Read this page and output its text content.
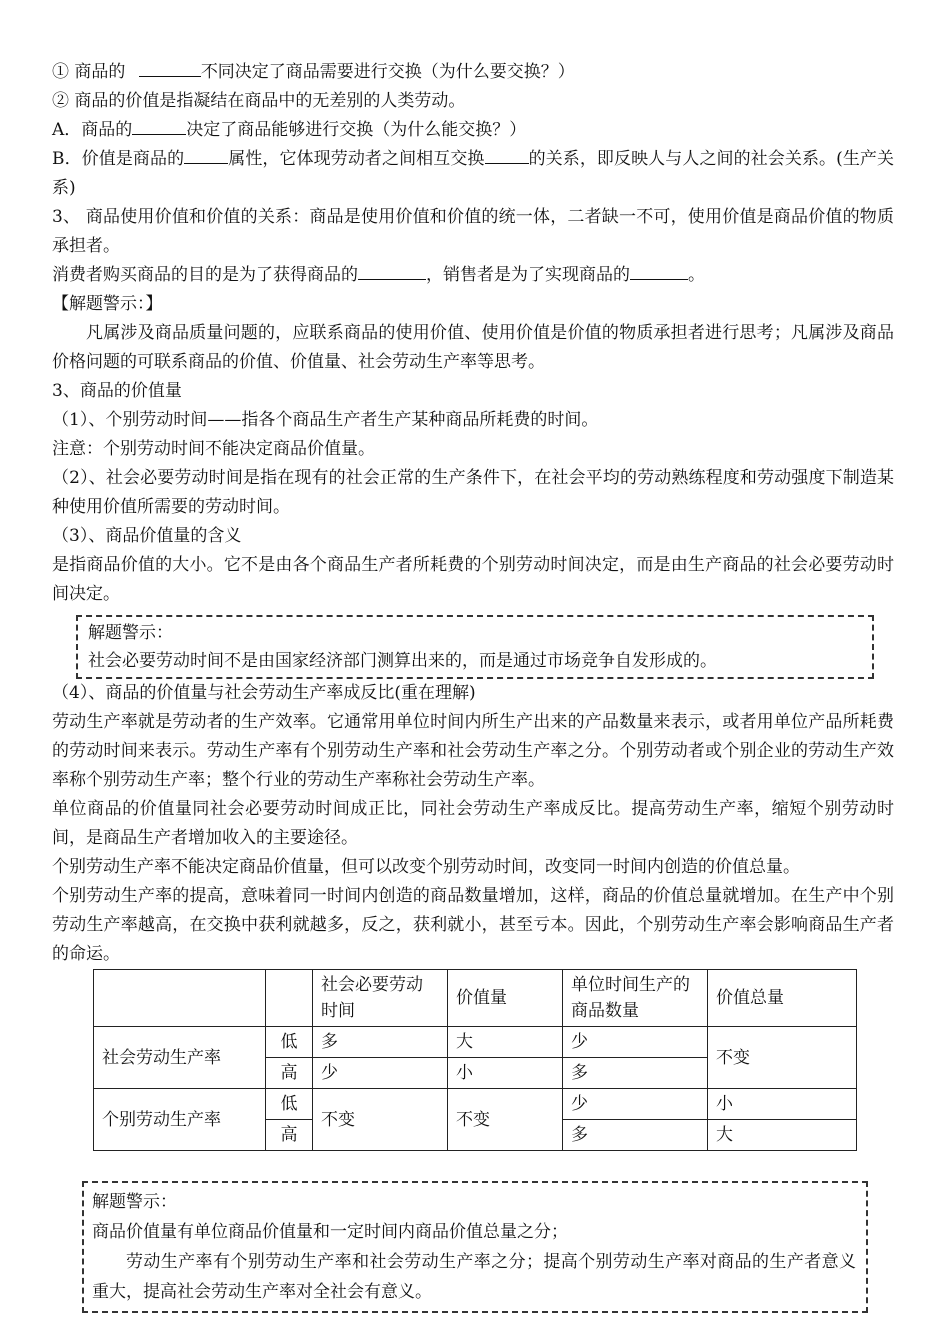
① 商品的	不同决定了商品需要进行交换（为什么要交换？）
② 商品的价值是指凝结在商品中的无差别的人类劳动。
A．商品的	决定了商品能够进行交换（为什么能交换？）
B．价值是商品的	属性，它体现劳动者之间相互交换	的关系，即反映人与人之间的社会关系。(生产关系)
3、 商品使用价值和价值的关系：商品是使用价值和价值的统一体，二者缺一不可，使用价值是商品价值的物质承担者。
消费者购买商品的目的是为了获得商品的	，销售者是为了实现商品的	。
【解题警示：】
凡属涉及商品质量问题的，应联系商品的使用价值、使用价值是价值的物质承担者进行思考；凡属涉及商品价格问题的可联系商品的价值、价值量、社会劳动生产率等思考。
3、商品的价值量
（1）、个别劳动时间——指各个商品生产者生产某种商品所耗费的时间。
注意：个别劳动时间不能决定商品价值量。
（2）、社会必要劳动时间是指在现有的社会正常的生产条件下，在社会平均的劳动熟练程度和劳动强度下制造某种使用价值所需要的劳动时间。
（3）、商品价值量的含义
是指商品价值的大小。它不是由各个商品生产者所耗费的个别劳动时间决定，而是由生产商品的社会必要劳动时间决定。
解题警示：
社会必要劳动时间不是由国家经济部门测算出来的，而是通过市场竞争自发形成的。
（4）、商品的价值量与社会劳动生产率成反比(重在理解)
劳动生产率就是劳动者的生产效率。它通常用单位时间内所生产出来的产品数量来表示，或者用单位产品所耗费的劳动时间来表示。劳动生产率有个别劳动生产率和社会劳动生产率之分。个别劳动者或个别企业的劳动生产效率称个别劳动生产率；整个行业的劳动生产率称社会劳动生产率。
单位商品的价值量同社会必要劳动时间成正比，同社会劳动生产率成反比。提高劳动生产率，缩短个别劳动时间，是商品生产者增加收入的主要途径。
个别劳动生产率不能决定商品价值量，但可以改变个别劳动时间，改变同一时间内创造的价值总量。
个别劳动生产率的提高，意味着同一时间内创造的商品数量增加，这样，商品的价值总量就增加。在生产中个别劳动生产率越高，在交换中获利就越多，反之，获利就小，甚至亏本。因此，个别劳动生产率会影响商品生产者的命运。
		社会必要劳动时间	价值量	单位时间生产的商品数量	价值总量
社会劳动生产率	低	多	大	少	不变
	高	少	小	多	
个别劳动生产率	低	不变	不变	少	小
	高			多	大
解题警示：
商品价值量有单位商品价值量和一定时间内商品价值总量之分；
劳动生产率有个别劳动生产率和社会劳动生产率之分；提高个别劳动生产率对商品的生产者意义重大，提高社会劳动生产率对全社会有意义。
